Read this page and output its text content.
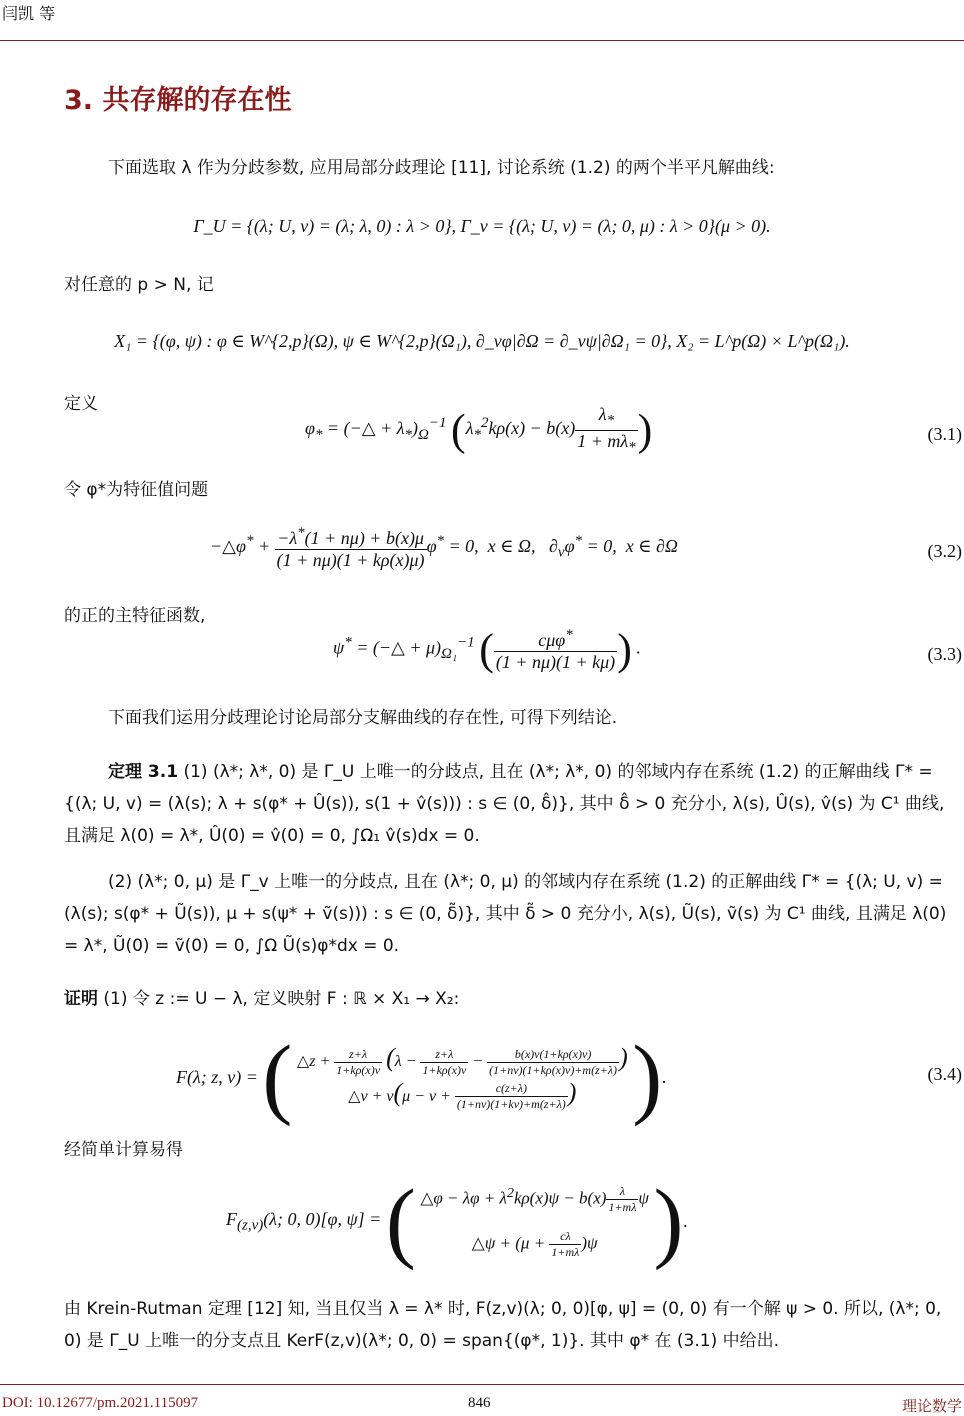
闫凯 等
3. 共存解的存在性
下面选取 λ 作为分歧参数, 应用局部分歧理论 [11], 讨论系统 (1.2) 的两个半平凡解曲线:
Γ_U = {(λ; U, v) = (λ; λ, 0) : λ > 0}, Γ_v = {(λ; U, v) = (λ; 0, μ) : λ > 0}(μ > 0).
对任意的 p > N, 记
X₁ = {(φ, ψ) : φ ∈ W^{2,p}(Ω), ψ ∈ W^{2,p}(Ω₁), ∂_νφ|∂Ω = ∂_νψ|∂Ω₁ = 0}, X₂ = L^p(Ω) × L^p(Ω₁).
定义
$\varphi_*$ = (−△ + $\lambda_*)_\Omega^{-1}$ ($\lambda_*^2k\rho(x) - b(x) \frac{\lambda_*}{1 + m\lambda_*}$ )	(3.1)
令 φ*为特征值问题
−△φ* + $\frac{-\lambda^*(1 + n\mu) + b(x)\mu}{(1 + n\mu)(1 + k\rho(x)\mu)} \varphi^* = 0$,  x ∈ Ω,   $\partial_\nu\varphi^* = 0$,  x ∈ ∂Ω	(3.2)
的正的主特征函数,
ψ* = (−△ + $\mu)_{\Omega_1}^{-1}$ ( $\frac{c\mu\varphi^*}{(1 + n\mu)(1 + k\mu)}$ ) .	(3.3)
下面我们运用分歧理论讨论局部分支解曲线的存在性, 可得下列结论.
定理 3.1 (1) (λ*; λ*, 0) 是 Γ_U 上唯一的分歧点, 且在 (λ*; λ*, 0) 的邻域内存在系统 (1.2) 的正解曲线 Γ* = {(λ; U, v) = (λ(s); λ + s(φ* + Û(s)), s(1 + v̂(s))) : s ∈ (0, δ̂)}, 其中 δ̂ > 0 充分小, λ(s), Û(s), v̂(s) 为 C¹ 曲线, 且满足 λ(0) = λ*, Û(0) = v̂(0) = 0, ∫Ω₁ v̂(s)dx = 0.
(2) (λ*; 0, μ) 是 Γ_v 上唯一的分歧点, 且在 (λ*; 0, μ) 的邻域内存在系统 (1.2) 的正解曲线 Γ* = {(λ; U, v) = (λ(s); s(φ* + Ũ(s)), μ + s(ψ* + ṽ(s))) : s ∈ (0, δ̃)}, 其中 δ̃ > 0 充分小, λ(s), Ũ(s), ṽ(s) 为 C¹ 曲线, 且满足 λ(0) = λ*, Ũ(0) = ṽ(0) = 0, ∫Ω Ũ(s)φ*dx = 0.
证明 (1) 令 z := U − λ, 定义映射 F : ℝ × X₁ → X₂:
F(λ; z, v) = ( △z + $\frac{z+\lambda}{1+k\rho(x)v} (\lambda - \frac{z+\lambda}{1+k\rho(x)v} - \frac{b(x)v(1+k\rho(x)v)}{(1+nv)(1+k\rho(x)v)+m(z+\lambda)}$ )
△v + $v(\mu - v + \frac{c(z+\lambda)}{(1+nv)(1+kv)+m(z+\lambda)}$ ) ).	(3.4)
经简单计算易得
$F_{(z,v)}(\lambda$; 0, 0)[φ, ψ] = ( △φ − $\lambda\varphi + \lambda^2k\rho(x)\psi - b(x) \frac{\lambda}{1+m\lambda}$ ψ
△ψ + $(\mu + \frac{c\lambda}{1+m\lambda} )\psi$ ).
由 Krein-Rutman 定理 [12] 知, 当且仅当 λ = λ* 时, F(z,v)(λ; 0, 0)[φ, ψ] = (0, 0) 有一个解 ψ > 0. 所以, (λ*; 0, 0) 是 Γ_U 上唯一的分支点且 KerF(z,v)(λ*; 0, 0) = span{(φ*, 1)}. 其中 φ* 在 (3.1) 中给出.
DOI: 10.12677/pm.2021.115097	846	理论数学
